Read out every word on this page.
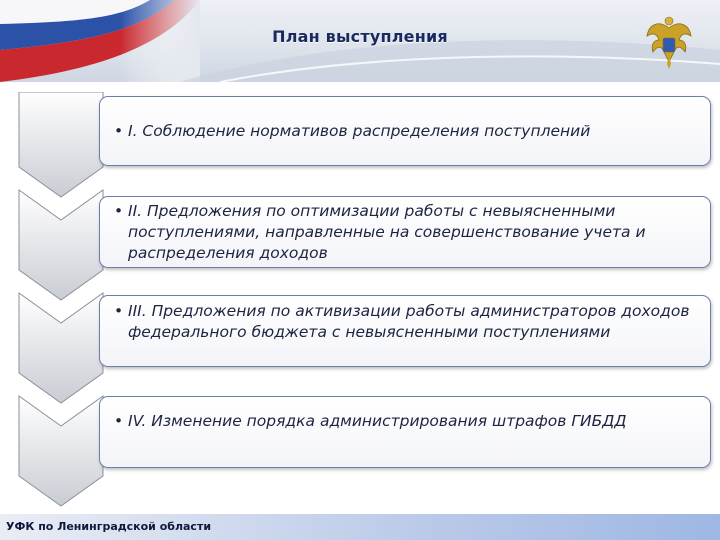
План выступления
• I. Соблюдение нормативов распределения поступлений
• II. Предложения по оптимизации работы с невыясненными поступлениями, направленные на совершенствование учета и распределения доходов
• III. Предложения по активизации работы администраторов доходов федерального бюджета с невыясненными поступлениями
• IV. Изменение порядка администрирования штрафов ГИБДД
УФК по Ленинградской области
